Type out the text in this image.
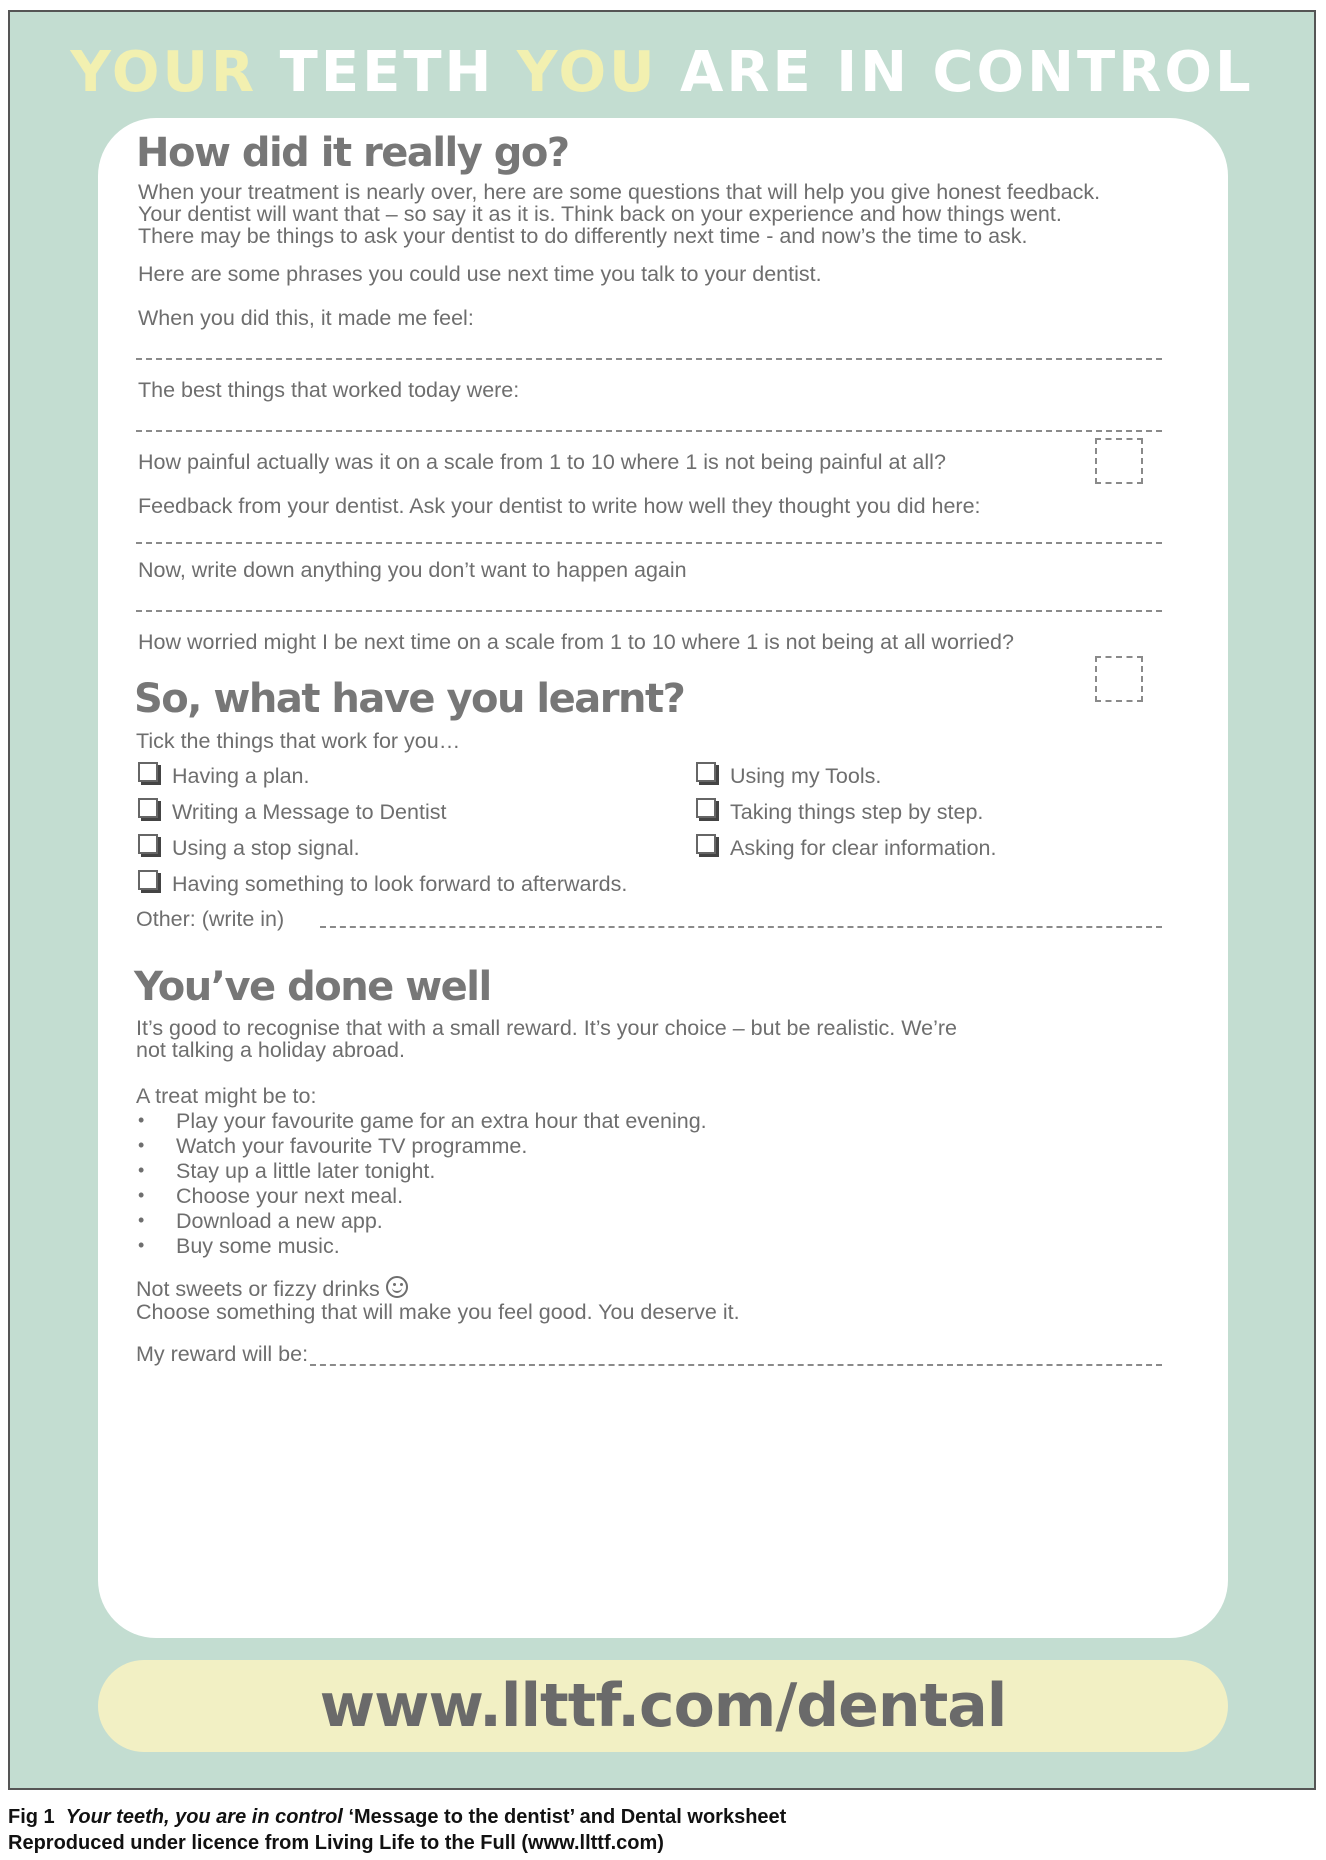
YOUR TEETH YOU ARE IN CONTROL
How did it really go?
When your treatment is nearly over, here are some questions that will help you give honest feedback.
Your dentist will want that – so say it as it is. Think back on your experience and how things went.
There may be things to ask your dentist to do differently next time - and now’s the time to ask.
Here are some phrases you could use next time you talk to your dentist.
When you did this, it made me feel:
The best things that worked today were:
How painful actually was it on a scale from 1 to 10 where 1 is not being painful at all?
Feedback from your dentist. Ask your dentist to write how well they thought you did here:
Now, write down anything you don’t want to happen again
How worried might I be next time on a scale from 1 to 10 where 1 is not being at all worried?
So, what have you learnt?
Tick the things that work for you…
Having a plan.
Writing a Message to Dentist
Using a stop signal.
Using my Tools.
Taking things step by step.
Asking for clear information.
Having something to look forward to afterwards.
Other: (write in)
You’ve done well
It’s good to recognise that with a small reward. It’s your choice – but be realistic. We’re
not talking a holiday abroad.
A treat might be to:
• Play your favourite game for an extra hour that evening.
• Watch your favourite TV programme.
• Stay up a little later tonight.
• Choose your next meal.
• Download a new app.
• Buy some music.
Not sweets or fizzy drinks
Choose something that will make you feel good. You deserve it.
My reward will be:
www.llttf.com/dental
Fig 1 Your teeth, you are in control ‘Message to the dentist’ and Dental worksheet
Reproduced under licence from Living Life to the Full (www.llttf.com)
